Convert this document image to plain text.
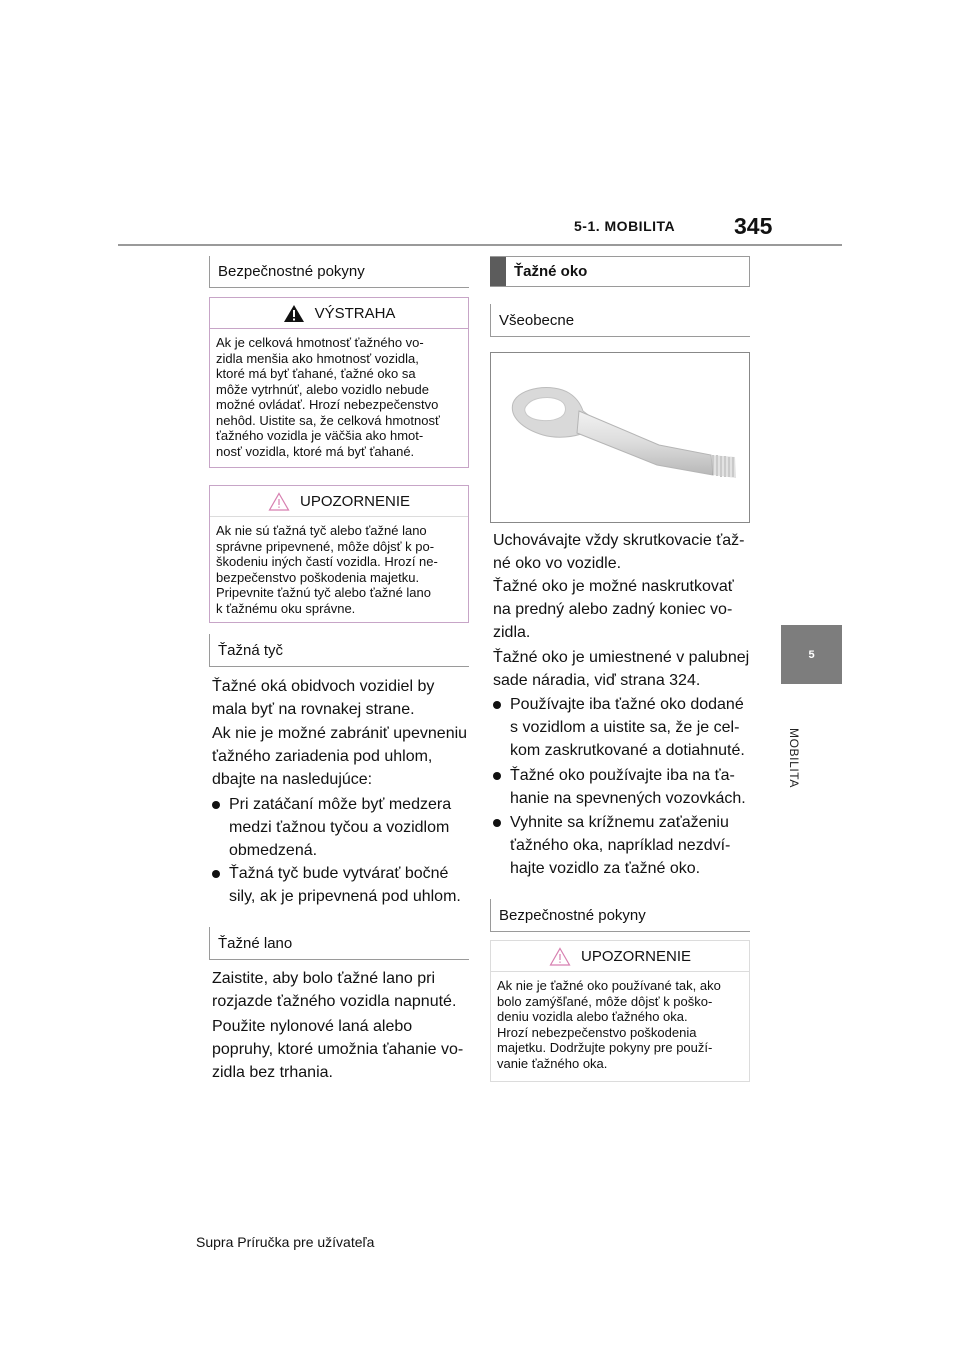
5-1. MOBILITA	345
5
MOBILITA
Bezpečnostné pokyny
VÝSTRAHA
Ak je celková hmotnosť ťažného vo-
zidla menšia ako hmotnosť vozidla,
ktoré má byť ťahané, ťažné oko sa
môže vytrhnúť, alebo vozidlo nebude
možné ovládať. Hrozí nebezpečenstvo
nehôd. Uistite sa, že celková hmotnosť
ťažného vozidla je väčšia ako hmot-
nosť vozidla, ktoré má byť ťahané.
UPOZORNENIE
Ak nie sú ťažná tyč alebo ťažné lano
správne pripevnené, môže dôjsť k po-
škodeniu iných častí vozidla. Hrozí ne-
bezpečenstvo poškodenia majetku.
Pripevnite ťažnú tyč alebo ťažné lano
k ťažnému oku správne.
Ťažná tyč
Ťažné oká obidvoch vozidiel by
mala byť na rovnakej strane.
Ak nie je možné zabrániť upevneniu
ťažného zariadenia pod uhlom,
dbajte na nasledujúce:
Pri zatáčaní môže byť medzera
medzi ťažnou tyčou a vozidlom
obmedzená.
Ťažná tyč bude vytvárať bočné
sily, ak je pripevnená pod uhlom.
Ťažné lano
Zaistite, aby bolo ťažné lano pri
rozjazde ťažného vozidla napnuté.
Použite nylonové laná alebo
popruhy, ktoré umožnia ťahanie vo-
zidla bez trhania.
Ťažné oko
Všeobecne
Uchovávajte vždy skrutkovacie ťaž-
né oko vo vozidle.
Ťažné oko je možné naskrutkovať
na predný alebo zadný koniec vo-
zidla.
Ťažné oko je umiestnené v palubnej
sade náradia, viď strana 324.
Používajte iba ťažné oko dodané
s vozidlom a uistite sa, že je cel-
kom zaskrutkované a dotiahnuté.
Ťažné oko používajte iba na ťa-
hanie na spevnených vozovkách.
Vyhnite sa krížnemu zaťaženiu
ťažného oka, napríklad nezdví-
hajte vozidlo za ťažné oko.
Bezpečnostné pokyny
UPOZORNENIE
Ak nie je ťažné oko používané tak, ako
bolo zamýšľané, môže dôjsť k poško-
deniu vozidla alebo ťažného oka.
Hrozí nebezpečenstvo poškodenia
majetku. Dodržujte pokyny pre použí-
vanie ťažného oka.
Supra Príručka pre užívateľa
